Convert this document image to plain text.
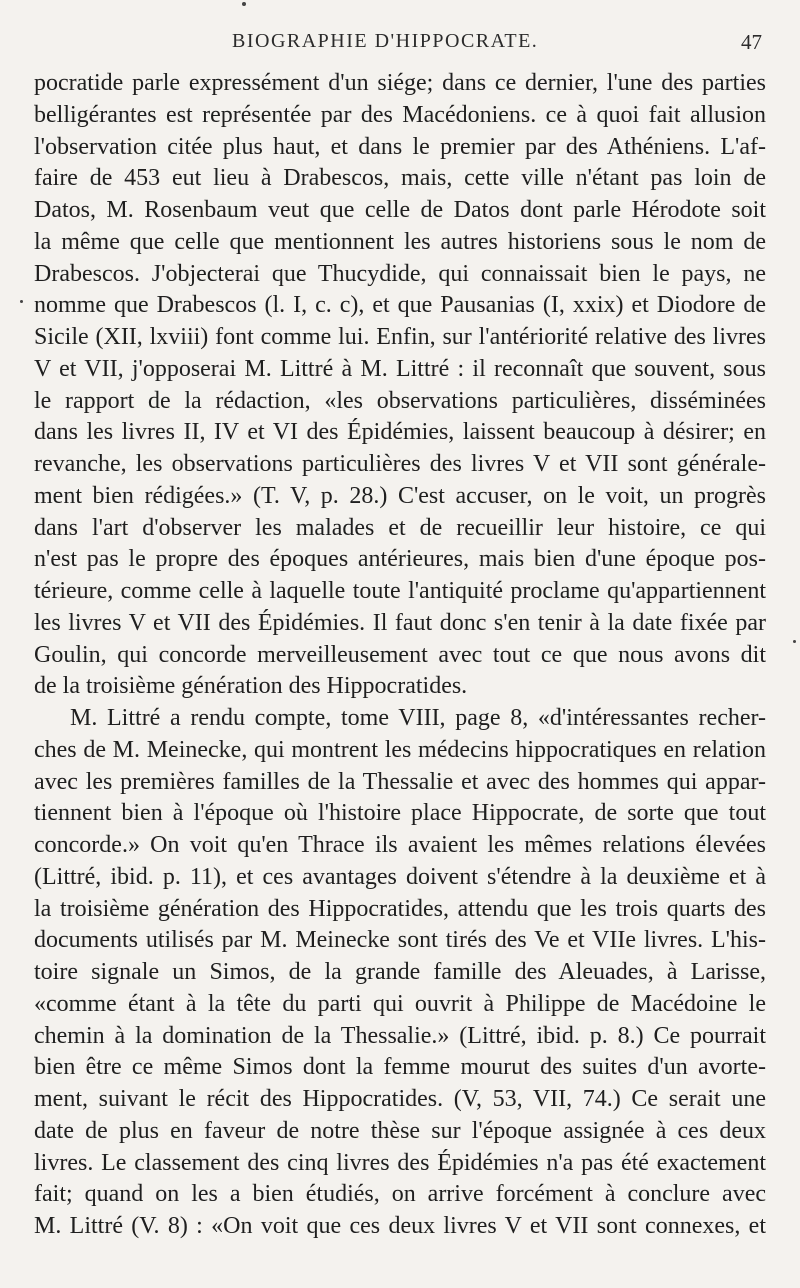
BIOGRAPHIE D'HIPPOCRATE.	47
pocratide parle expressément d'un siége; dans ce dernier, l'une des parties
belligérantes est représentée par des Macédoniens. ce à quoi fait allusion
l'observation citée plus haut, et dans le premier par des Athéniens. L'af-
faire de 453 eut lieu à Drabescos, mais, cette ville n'étant pas loin de
Datos, M. Rosenbaum veut que celle de Datos dont parle Hérodote soit
la même que celle que mentionnent les autres historiens sous le nom de
Drabescos. J'objecterai que Thucydide, qui connaissait bien le pays, ne
nomme que Drabescos (l. I, c. c), et que Pausanias (I, xxix) et Diodore de
Sicile (XII, lxviii) font comme lui. Enfin, sur l'antériorité relative des livres
V et VII, j'opposerai M. Littré à M. Littré : il reconnaît que souvent, sous
le rapport de la rédaction, «les observations particulières, disséminées
dans les livres II, IV et VI des Épidémies, laissent beaucoup à désirer; en
revanche, les observations particulières des livres V et VII sont générale-
ment bien rédigées.» (T. V, p. 28.) C'est accuser, on le voit, un progrès
dans l'art d'observer les malades et de recueillir leur histoire, ce qui
n'est pas le propre des époques antérieures, mais bien d'une époque pos-
térieure, comme celle à laquelle toute l'antiquité proclame qu'appartiennent
les livres V et VII des Épidémies. Il faut donc s'en tenir à la date fixée par
Goulin, qui concorde merveilleusement avec tout ce que nous avons dit
de la troisième génération des Hippocratides.
M. Littré a rendu compte, tome VIII, page 8, «d'intéressantes recher-
ches de M. Meinecke, qui montrent les médecins hippocratiques en relation
avec les premières familles de la Thessalie et avec des hommes qui appar-
tiennent bien à l'époque où l'histoire place Hippocrate, de sorte que tout
concorde.» On voit qu'en Thrace ils avaient les mêmes relations élevées
(Littré, ibid. p. 11), et ces avantages doivent s'étendre à la deuxième et à
la troisième génération des Hippocratides, attendu que les trois quarts des
documents utilisés par M. Meinecke sont tirés des Ve et VIIe livres. L'his-
toire signale un Simos, de la grande famille des Aleuades, à Larisse,
«comme étant à la tête du parti qui ouvrit à Philippe de Macédoine le
chemin à la domination de la Thessalie.» (Littré, ibid. p. 8.) Ce pourrait
bien être ce même Simos dont la femme mourut des suites d'un avorte-
ment, suivant le récit des Hippocratides. (V, 53, VII, 74.) Ce serait une
date de plus en faveur de notre thèse sur l'époque assignée à ces deux
livres. Le classement des cinq livres des Épidémies n'a pas été exactement
fait; quand on les a bien étudiés, on arrive forcément à conclure avec
M. Littré (V. 8) : «On voit que ces deux livres V et VII sont connexes, et
